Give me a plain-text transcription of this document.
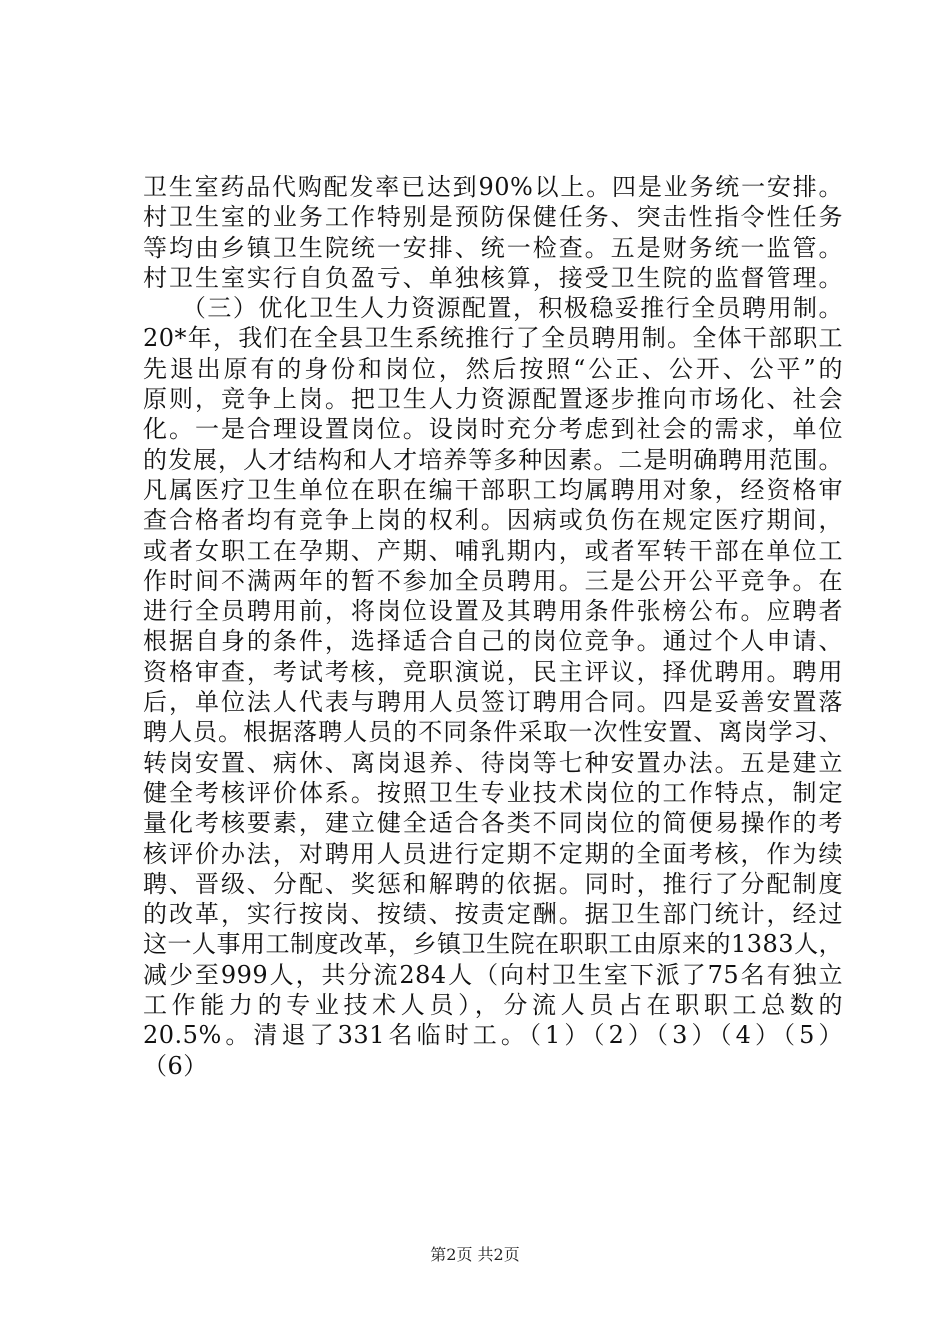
卫生室药品代购配发率已达到90%以上。四是业务统一安排。
村卫生室的业务工作特别是预防保健任务、突击性指令性任务
等均由乡镇卫生院统一安排、统一检查。五是财务统一监管。
村卫生室实行自负盈亏、单独核算，接受卫生院的监督管理。
　　（三）优化卫生人力资源配置，积极稳妥推行全员聘用制。
20*年，我们在全县卫生系统推行了全员聘用制。全体干部职工
先退出原有的身份和岗位，然后按照“公正、公开、公平”的
原则，竞争上岗。把卫生人力资源配置逐步推向市场化、社会
化。一是合理设置岗位。设岗时充分考虑到社会的需求，单位
的发展，人才结构和人才培养等多种因素。二是明确聘用范围。
凡属医疗卫生单位在职在编干部职工均属聘用对象，经资格审
查合格者均有竞争上岗的权利。因病或负伤在规定医疗期间，
或者女职工在孕期、产期、哺乳期内，或者军转干部在单位工
作时间不满两年的暂不参加全员聘用。三是公开公平竞争。在
进行全员聘用前，将岗位设置及其聘用条件张榜公布。应聘者
根据自身的条件，选择适合自己的岗位竞争。通过个人申请、
资格审查，考试考核，竞职演说，民主评议，择优聘用。聘用
后，单位法人代表与聘用人员签订聘用合同。四是妥善安置落
聘人员。根据落聘人员的不同条件采取一次性安置、离岗学习、
转岗安置、病休、离岗退养、待岗等七种安置办法。五是建立
健全考核评价体系。按照卫生专业技术岗位的工作特点，制定
量化考核要素，建立健全适合各类不同岗位的简便易操作的考
核评价办法，对聘用人员进行定期不定期的全面考核，作为续
聘、晋级、分配、奖惩和解聘的依据。同时，推行了分配制度
的改革，实行按岗、按绩、按责定酬。据卫生部门统计，经过
这一人事用工制度改革，乡镇卫生院在职职工由原来的1383人，
减少至999人，共分流284人（向村卫生室下派了75名有独立
工作能力的专业技术人员），分流人员占在职职工总数的
20.5%。清退了331名临时工。（1）（2）（3）（4）（5）
（6）
第2页 共2页
